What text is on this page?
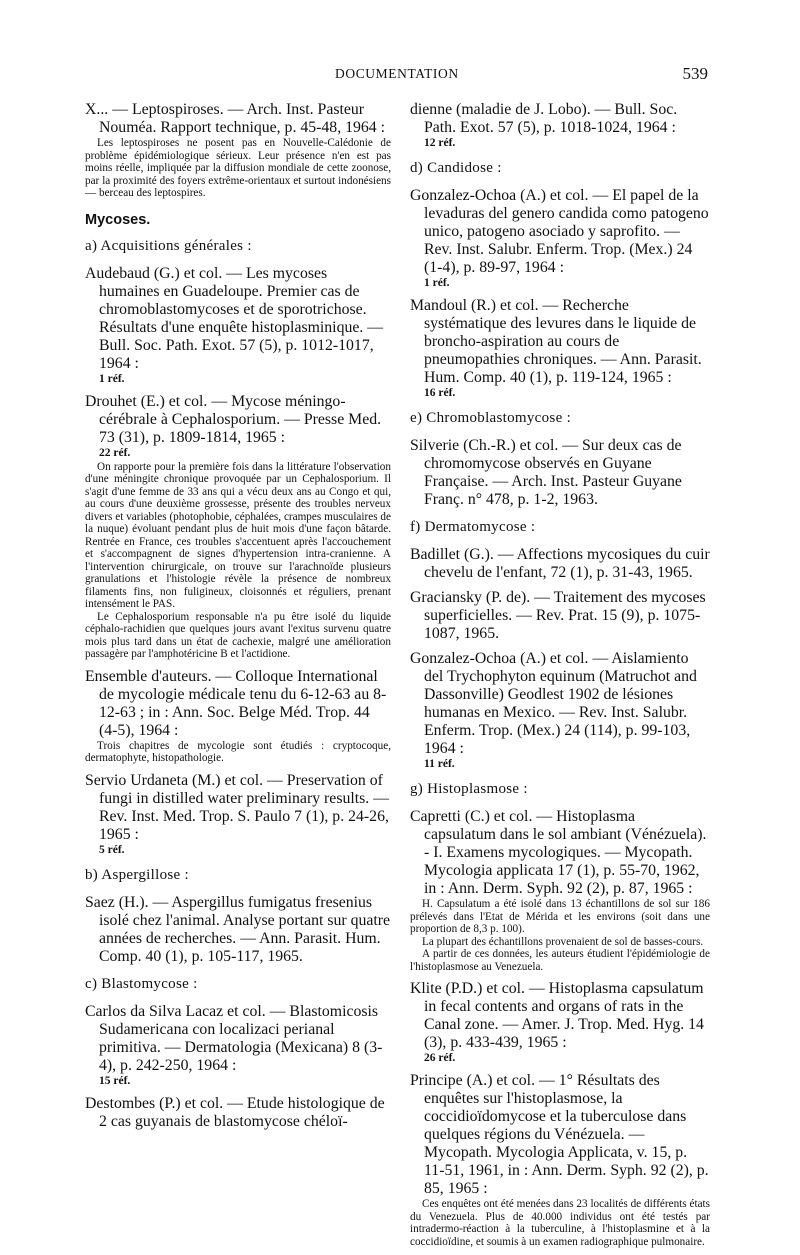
DOCUMENTATION	539

X... — Leptospiroses. — Arch. Inst. Pasteur Nouméa. Rapport technique, p. 45-48, 1964 :

Les leptospiroses ne posent pas en Nouvelle-Calédonie de problème épidémiologique sérieux. Leur présence n'en est pas moins réelle, impliquée par la diffusion mondiale de cette zoonose, par la proximité des foyers extrême-orientaux et surtout indonésiens — berceau des leptospires.

Mycoses.
a) Acquisitions générales :

Audebaud (G.) et col. — Les mycoses humaines en Guadeloupe. Premier cas de chromoblastomycoses et de sporotrichose. Résultats d'une enquête histoplasminique. — Bull. Soc. Path. Exot. 57 (5), p. 1012-1017, 1964 :

1 réf.

Drouhet (E.) et col. — Mycose méningo-cérébrale à Cephalosporium. — Presse Med. 73 (31), p. 1809-1814, 1965 :

22 réf.

On rapporte pour la première fois dans la littérature l'observation d'une méningite chronique provoquée par un Cephalosporium. Il s'agit d'une femme de 33 ans qui a vécu deux ans au Congo et qui, au cours d'une deuxième grossesse, présente des troubles nerveux divers et variables (photophobie, céphalées, crampes musculaires de la nuque) évoluant pendant plus de huit mois d'une façon bâtarde. Rentrée en France, ces troubles s'accentuent après l'accouchement et s'accompagnent de signes d'hypertension intra-cranienne. A l'intervention chirurgicale, on trouve sur l'arachnoïde plusieurs granulations et l'histologie révèle la présence de nombreux filaments fins, non fuligineux, cloisonnés et réguliers, prenant intensément le PAS.

Le Cephalosporium responsable n'a pu être isolé du liquide céphalo-rachidien que quelques jours avant l'exitus survenu quatre mois plus tard dans un état de cachexie, malgré une amélioration passagère par l'amphotéricine B et l'actidione.

Ensemble d'auteurs. — Colloque International de mycologie médicale tenu du 6-12-63 au 8-12-63 ; in : Ann. Soc. Belge Méd. Trop. 44 (4-5), 1964 :

Trois chapitres de mycologie sont étudiés : cryptocoque, dermatophyte, histopathologie.

Servio Urdaneta (M.) et col. — Preservation of fungi in distilled water preliminary results. — Rev. Inst. Med. Trop. S. Paulo 7 (1), p. 24-26, 1965 :

5 réf.

b) Aspergillose :

Saez (H.). — Aspergillus fumigatus fresenius isolé chez l'animal. Analyse portant sur quatre années de recherches. — Ann. Parasit. Hum. Comp. 40 (1), p. 105-117, 1965.

c) Blastomycose :

Carlos da Silva Lacaz et col. — Blastomicosis Sudamericana con localizaci perianal primitiva. — Dermatologia (Mexicana) 8 (3-4), p. 242-250, 1964 :

15 réf.

Destombes (P.) et col. — Etude histologique de 2 cas guyanais de blastomycose chéloï-

dienne (maladie de J. Lobo). — Bull. Soc. Path. Exot. 57 (5), p. 1018-1024, 1964 :

12 réf.

d) Candidose :

Gonzalez-Ochoa (A.) et col. — El papel de la levaduras del genero candida como patogeno unico, patogeno asociado y saprofito. — Rev. Inst. Salubr. Enferm. Trop. (Mex.) 24 (1-4), p. 89-97, 1964 :

1 réf.

Mandoul (R.) et col. — Recherche systématique des levures dans le liquide de broncho-aspiration au cours de pneumopathies chroniques. — Ann. Parasit. Hum. Comp. 40 (1), p. 119-124, 1965 :

16 réf.

e) Chromoblastomycose :

Silverie (Ch.-R.) et col. — Sur deux cas de chromomycose observés en Guyane Française. — Arch. Inst. Pasteur Guyane Franç. n° 478, p. 1-2, 1963.

f) Dermatomycose :

Badillet (G.). — Affections mycosiques du cuir chevelu de l'enfant, 72 (1), p. 31-43, 1965.

Graciansky (P. de). — Traitement des mycoses superficielles. — Rev. Prat. 15 (9), p. 1075-1087, 1965.

Gonzalez-Ochoa (A.) et col. — Aislamiento del Trychophyton equinum (Matruchot and Dassonville) Geodlest 1902 de lésiones humanas en Mexico. — Rev. Inst. Salubr. Enferm. Trop. (Mex.) 24 (114), p. 99-103, 1964 :

11 réf.

g) Histoplasmose :

Capretti (C.) et col. — Histoplasma capsulatum dans le sol ambiant (Vénézuela). - I. Examens mycologiques. — Mycopath. Mycologia applicata 17 (1), p. 55-70, 1962, in : Ann. Derm. Syph. 92 (2), p. 87, 1965 :

H. Capsulatum a été isolé dans 13 échantillons de sol sur 186 prélevés dans l'Etat de Mérida et les environs (soit dans une proportion de 8,3 p. 100).

La plupart des échantillons provenaient de sol de basses-cours.

A partir de ces données, les auteurs étudient l'épidémiologie de l'histoplasmose au Venezuela.

Klite (P.D.) et col. — Histoplasma capsulatum in fecal contents and organs of rats in the Canal zone. — Amer. J. Trop. Med. Hyg. 14 (3), p. 433-439, 1965 :

26 réf.

Principe (A.) et col. — 1° Résultats des enquêtes sur l'histoplasmose, la coccidioïdomycose et la tuberculose dans quelques régions du Vénézuela. — Mycopath. Mycologia Applicata, v. 15, p. 11-51, 1961, in : Ann. Derm. Syph. 92 (2), p. 85, 1965 :

Ces enquêtes ont été menées dans 23 localités de différents états du Venezuela. Plus de 40.000 individus ont été testés par intradermo-réaction à la tuberculine, à l'histoplasmine et à la coccidioïdine, et soumis à un examen radiographique pulmonaire.
